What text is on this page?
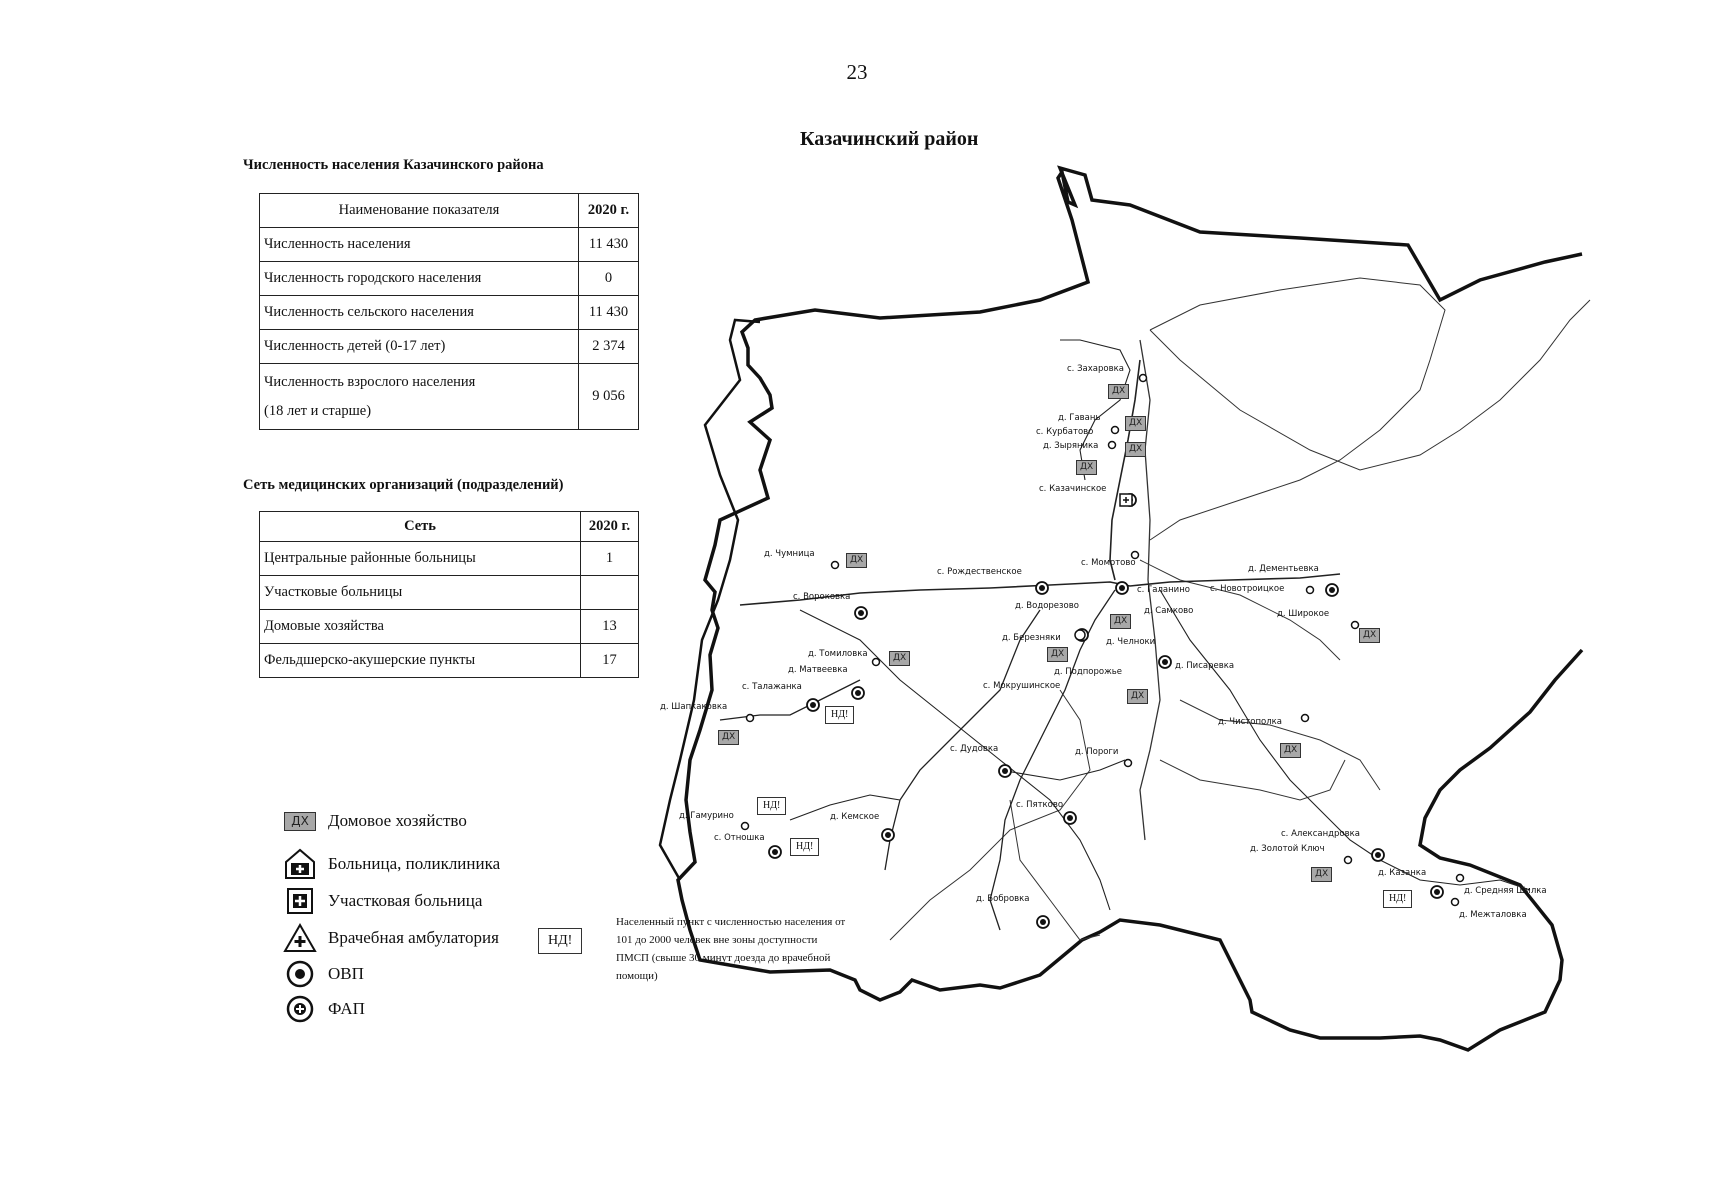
23
Казачинский район
Численность населения Казачинского района
Наименование показателя	2020 г.
Численность населения	11 430
Численность городского населения	0
Численность сельского населения	11 430
Численность детей (0-17 лет)	2 374

Численность взрослого населения
(18 лет и старше)	9 056
Сеть медицинских организаций (подразделений)
Сеть	2020 г.
Центральные районные больницы	1
Участковые больницы	
Домовые хозяйства	13
Фельдшерско-акушерские пункты	17
ДХ	Домовое хозяйство
Больница, поликлиника
Участковая больница
Врачебная амбулатория
ОВП
ФАП
НД!
Населенный пункт с численностью населения от 101 до 2000 человек вне зоны доступности ПМСП (свыше 30 минут доезда до врачебной помощи)
ДХ
ДХ
ДХ
ДХ
ДХ
ДХ
ДХ
ДХ
ДХ
ДХ
ДХ
ДХ
ДХ
НД!
НД!
НД!
НД!
с. Захаровка
д. Гавань
с. Курбатово
д. Зыряника
с. Казачинское
д. Чумница
с. Рождественское
с. Момотово
д. Дементьевка
с. Вороковка
с. Галанино с. Новотроицкое
д. Водорезово	д. Самково	д. Широкое
д. Березняки	д. Челноки
д. Томиловка
д. Матвеевка	д. Подпорожье
д. Писаревка
с. Талажанка	с. Мокрушинское
д. Шапкаковка
д. Чистополка
с. Дудовка	д. Пороги
д. Гамурино
с. Пятково
д. Кемское
с. Отношка	с. Александровка
д. Золотой Ключ
д. Казанка
д. Бобровка
д. Средняя Шилка
д. Межталовка
